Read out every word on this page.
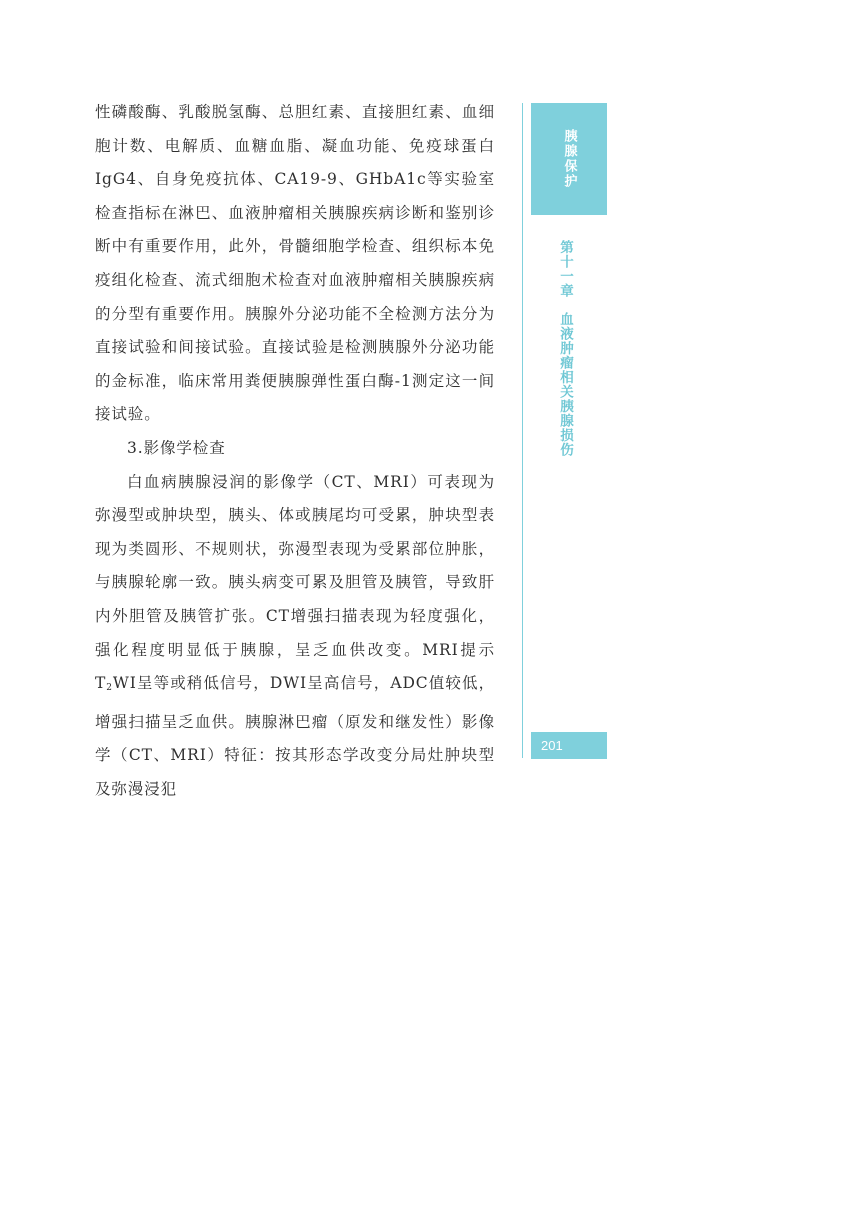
性磷酸酶、乳酸脱氢酶、总胆红素、直接胆红素、血细胞计数、电解质、血糖血脂、凝血功能、免疫球蛋白IgG4、自身免疫抗体、CA19-9、GHbA1c等实验室检查指标在淋巴、血液肿瘤相关胰腺疾病诊断和鉴别诊断中有重要作用，此外，骨髓细胞学检查、组织标本免疫组化检查、流式细胞术检查对血液肿瘤相关胰腺疾病的分型有重要作用。胰腺外分泌功能不全检测方法分为直接试验和间接试验。直接试验是检测胰腺外分泌功能的金标准，临床常用粪便胰腺弹性蛋白酶-1测定这一间接试验。

3.影像学检查

白血病胰腺浸润的影像学（CT、MRI）可表现为弥漫型或肿块型，胰头、体或胰尾均可受累，肿块型表现为类圆形、不规则状，弥漫型表现为受累部位肿胀，与胰腺轮廓一致。胰头病变可累及胆管及胰管，导致肝内外胆管及胰管扩张。CT增强扫描表现为轻度强化，强化程度明显低于胰腺，呈乏血供改变。MRI提示$T_2WI$呈等或稍低信号，DWI呈高信号，ADC值较低，增强扫描呈乏血供。胰腺淋巴瘤（原发和继发性）影像学（CT、MRI）特征：按其形态学改变分局灶肿块型及弥漫浸犯

胰腺保护
第十一章血液肿瘤相关胰腺损伤
201
